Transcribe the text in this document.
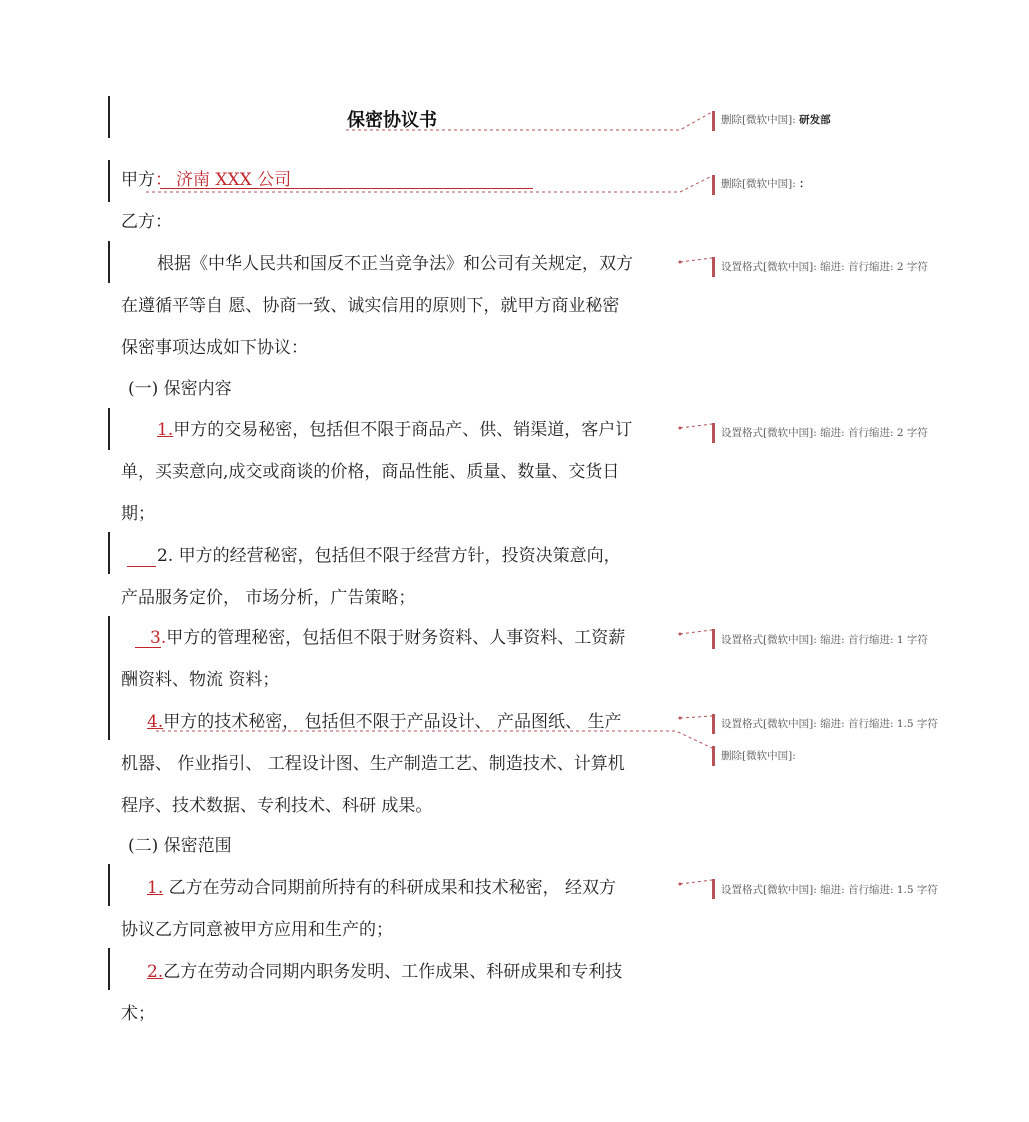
保密协议书
甲方： 济南 XXX 公司
乙方：
根据《中华人民共和国反不正当竞争法》和公司有关规定，双方
在遵循平等自 愿、协商一致、诚实信用的原则下，就甲方商业秘密
保密事项达成如下协议：
(一) 保密内容
1.甲方的交易秘密，包括但不限于商品产、供、销渠道，客户订
单，买卖意向,成交或商谈的价格，商品性能、质量、数量、交货日
期；
2. 甲方的经营秘密，包括但不限于经营方针，投资决策意向，
产品服务定价， 市场分析，广告策略；
3.甲方的管理秘密，包括但不限于财务资料、人事资料、工资薪
酬资料、物流 资料；
4.甲方的技术秘密， 包括但不限于产品设计、 产品图纸、 生产
机器、 作业指引、 工程设计图、生产制造工艺、制造技术、计算机
程序、技术数据、专利技术、科研 成果。
(二) 保密范围
1. 乙方在劳动合同期前所持有的科研成果和技术秘密， 经双方
协议乙方同意被甲方应用和生产的；
2.乙方在劳动合同期内职务发明、工作成果、科研成果和专利技
术；
删除[微软中国]: 研发部
删除[微软中国]: ：
设置格式[微软中国]: 缩进: 首行缩进: 2 字符
设置格式[微软中国]: 缩进: 首行缩进: 2 字符
设置格式[微软中国]: 缩进: 首行缩进: 1 字符
设置格式[微软中国]: 缩进: 首行缩进: 1.5 字符
删除[微软中国]:
设置格式[微软中国]: 缩进: 首行缩进: 1.5 字符
